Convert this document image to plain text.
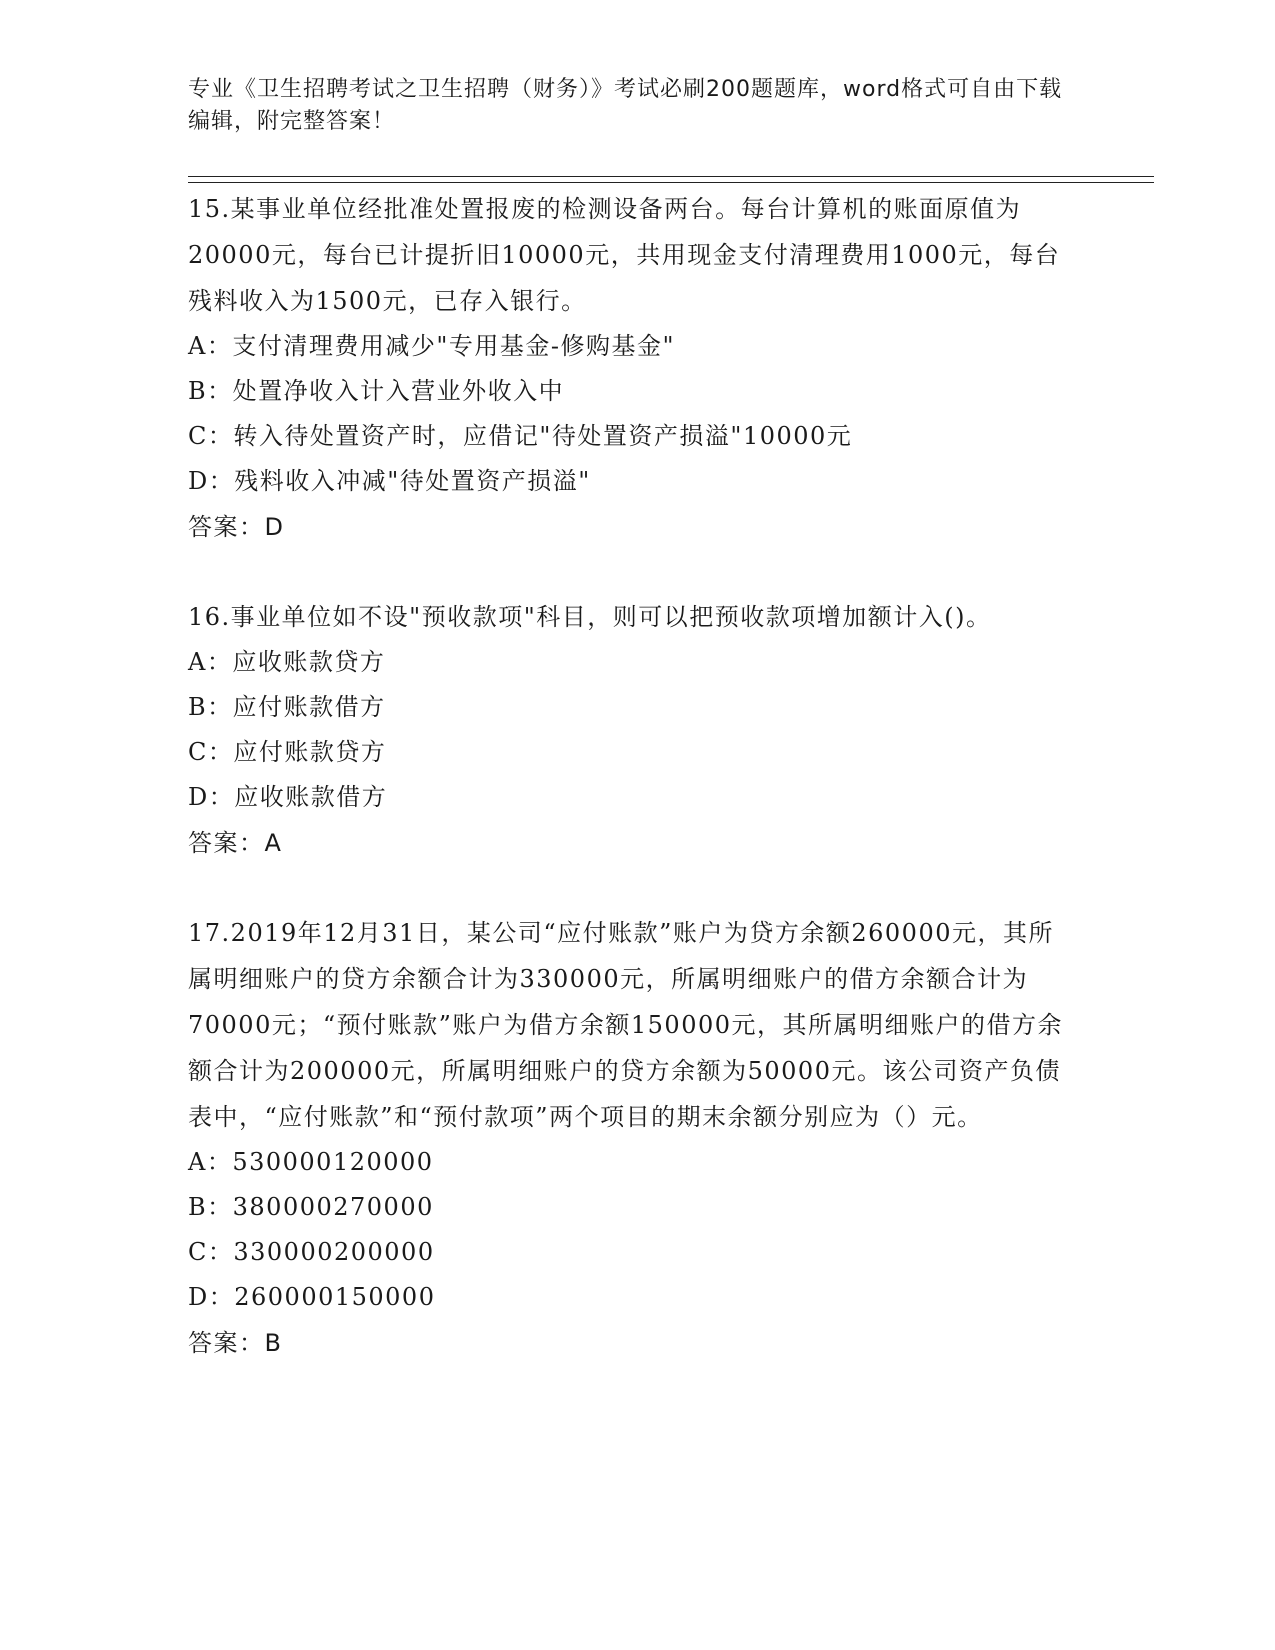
专业《卫生招聘考试之卫生招聘（财务）》考试必刷200题题库，word格式可自由下载编辑，附完整答案！

15.某事业单位经批准处置报废的检测设备两台。每台计算机的账面原值为20000元，每台已计提折旧10000元，共用现金支付清理费用1000元，每台残料收入为1500元，已存入银行。

A：支付清理费用减少"专用基金-修购基金"

B：处置净收入计入营业外收入中

C：转入待处置资产时，应借记"待处置资产损溢"10000元

D：残料收入冲减"待处置资产损溢"

答案：D

16.事业单位如不设"预收款项"科目，则可以把预收款项增加额计入()。

A：应收账款贷方

B：应付账款借方

C：应付账款贷方

D：应收账款借方

答案：A

17.2019年12月31日，某公司“应付账款”账户为贷方余额260000元，其所属明细账户的贷方余额合计为330000元，所属明细账户的借方余额合计为70000元；“预付账款”账户为借方余额150000元，其所属明细账户的借方余额合计为200000元，所属明细账户的贷方余额为50000元。该公司资产负债表中，“应付账款”和“预付款项”两个项目的期末余额分别应为（）元。

A：530000120000

B：380000270000

C：330000200000

D：260000150000

答案：B
